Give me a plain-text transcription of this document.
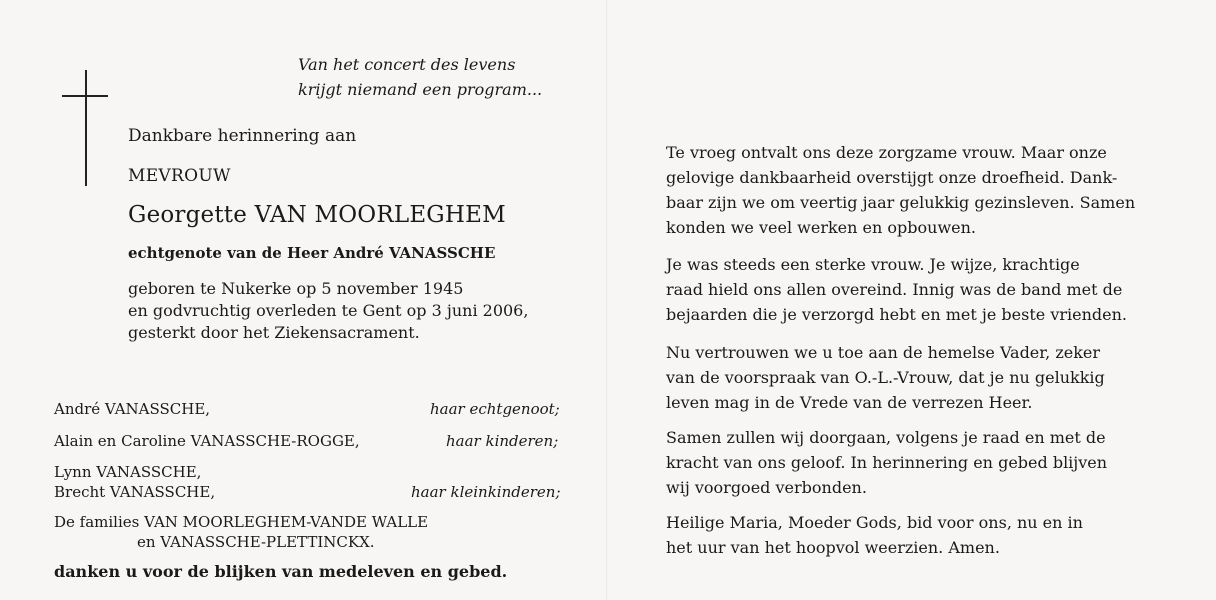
Van het concert des levens
krijgt niemand een program...
Dankbare herinnering aan
MEVROUW
Georgette VAN MOORLEGHEM
echtgenote van de Heer André VANASSCHE
geboren te Nukerke op 5 november 1945
en godvruchtig overleden te Gent op 3 juni 2006,
gesterkt door het Ziekensacrament.
André VANASSCHE,	haar echtgenoot;
Alain en Caroline VANASSCHE-ROGGE,	haar kinderen;
Lynn VANASSCHE,
Brecht VANASSCHE,	haar kleinkinderen;
De families VAN MOORLEGHEM-VANDE WALLE
en VANASSCHE-PLETTINCKX.
danken u voor de blijken van medeleven en gebed.
Te vroeg ontvalt ons deze zorgzame vrouw. Maar onze
gelovige dankbaarheid overstijgt onze droefheid. Dank-
baar zijn we om veertig jaar gelukkig gezinsleven. Samen
konden we veel werken en opbouwen.
Je was steeds een sterke vrouw. Je wijze, krachtige
raad hield ons allen overeind. Innig was de band met de
bejaarden die je verzorgd hebt en met je beste vrienden.
Nu vertrouwen we u toe aan de hemelse Vader, zeker
van de voorspraak van O.-L.-Vrouw, dat je nu gelukkig
leven mag in de Vrede van de verrezen Heer.
Samen zullen wij doorgaan, volgens je raad en met de
kracht van ons geloof. In herinnering en gebed blijven
wij voorgoed verbonden.
Heilige Maria, Moeder Gods, bid voor ons, nu en in
het uur van het hoopvol weerzien. Amen.
